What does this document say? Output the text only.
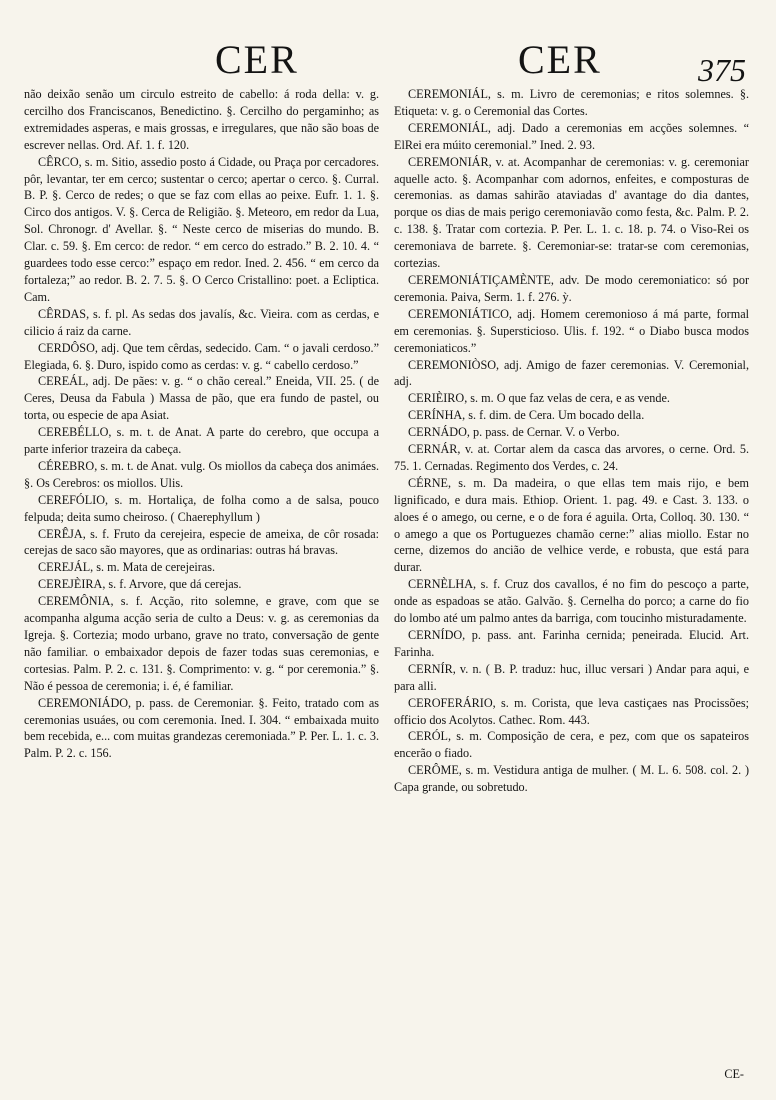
CER	CER	375

não deixão senão um circulo estreito de cabello: á roda della: v. g. cercilho dos Franciscanos, Benedictino. §. Cercilho do pergaminho; as extremidades asperas, e mais grossas, e irregulares, que não são boas de escrever nellas. Ord. Af. 1. f. 120.

CÊRCO, s. m. Sitio, assedio posto á Cidade, ou Praça por cercadores. pôr, levantar, ter em cerco; sustentar o cerco; apertar o cerco. §. Curral. B. P. §. Cerco de redes; o que se faz com ellas ao peixe. Eufr. 1. 1. §. Circo dos antigos. V. §. Cerca de Religião. §. Meteoro, em redor da Lua, Sol. Chronogr. d' Avellar. §. “ Neste cerco de miserias do mundo. B. Clar. c. 59. §. Em cerco: de redor. “ em cerco do estrado.” B. 2. 10. 4. “ guardees todo esse cerco:” espaço em redor. Ined. 2. 456. “ em cerco da fortaleza;” ao redor. B. 2. 7. 5. §. O Cerco Cristallino: poet. a Ecliptica. Cam.

CÊRDAS, s. f. pl. As sedas dos javalís, &c. Vieira. com as cerdas, e cilicio á raiz da carne.

CERDÔSO, adj. Que tem cêrdas, sedecido. Cam. “ o javali cerdoso.” Elegiada, 6. §. Duro, ispido como as cerdas: v. g. “ cabello cerdoso.”

CEREÁL, adj. De pães: v. g. “ o chão cereal.” Eneida, VII. 25. ( de Ceres, Deusa da Fabula ) Massa de pão, que era fundo de pastel, ou torta, ou especie de apa Asiat.

CEREBÉLLO, s. m. t. de Anat. A parte do cerebro, que occupa a parte inferior trazeira da cabeça.

CÉREBRO, s. m. t. de Anat. vulg. Os miollos da cabeça dos animáes. §. Os Cerebros: os miollos. Ulis.

CEREFÓLIO, s. m. Hortaliça, de folha como a de salsa, pouco felpuda; deita sumo cheiroso. ( Chaerephyllum )

CERÊJA, s. f. Fruto da cerejeira, especie de ameixa, de côr rosada: cerejas de saco são mayores, que as ordinarias: outras há bravas.

CEREJÁL, s. m. Mata de cerejeiras.

CEREJÈIRA, s. f. Arvore, que dá cerejas.

CEREMÔNIA, s. f. Acção, rito solemne, e grave, com que se acompanha alguma acção seria de culto a Deus: v. g. as ceremonias da Igreja. §. Cortezia; modo urbano, grave no trato, conversação de gente não familiar. o embaixador depois de fazer todas suas ceremonias, e cortesias. Palm. P. 2. c. 131. §. Comprimento: v. g. “ por ceremonia.” §. Não é pessoa de ceremonia; i. é, é familiar.

CEREMONIÁDO, p. pass. de Ceremoniar. §. Feito, tratado com as ceremonias usuáes, ou com ceremonia. Ined. I. 304. “ embaixada muito bem recebida, e... com muitas grandezas ceremoniada.” P. Per. L. 1. c. 3. Palm. P. 2. c. 156.

CEREMONIÁL, s. m. Livro de ceremonias; e ritos solemnes. §. Etiqueta: v. g. o Ceremonial das Cortes.

CEREMONIÁL, adj. Dado a ceremonias em acções solemnes. “ ElRei era múito ceremonial.” Ined. 2. 93.

CEREMONIÁR, v. at. Acompanhar de ceremonias: v. g. ceremoniar aquelle acto. §. Acompanhar com adornos, enfeites, e composturas de ceremonias. as damas sahirão ataviadas d' avantage do dia dantes, porque os dias de mais perigo ceremoniavão como festa, &c. Palm. P. 2. c. 138. §. Tratar com cortezia. P. Per. L. 1. c. 18. p. 74. o Viso-Rei os ceremoniava de barrete. §. Ceremoniar-se: tratar-se com ceremonias, cortezias.

CEREMONIÁTIÇAMÈNTE, adv. De modo ceremoniatico: só por ceremonia. Paiva, Serm. 1. f. 276. ỳ.

CEREMONIÁTICO, adj. Homem ceremonioso á má parte, formal em ceremonias. §. Supersticioso. Ulis. f. 192. “ o Diabo busca modos ceremoniaticos.”

CEREMONIÒSO, adj. Amigo de fazer ceremonias. V. Ceremonial, adj.

CERIÈIRO, s. m. O que faz velas de cera, e as vende.

CERÍNHA, s. f. dim. de Cera. Um bocado della.

CERNÁDO, p. pass. de Cernar. V. o Verbo.

CERNÁR, v. at. Cortar alem da casca das arvores, o cerne. Ord. 5. 75. 1. Cernadas. Regimento dos Verdes, c. 24.

CÉRNE, s. m. Da madeira, o que ellas tem mais rijo, e bem lignificado, e dura mais. Ethiop. Orient. 1. pag. 49. e Cast. 3. 133. o aloes é o amego, ou cerne, e o de fora é aguila. Orta, Colloq. 30. 130. “ o amego a que os Portuguezes chamão cerne:” alias miollo. Estar no cerne, dizemos do ancião de velhice verde, e robusta, que está para durar.

CERNÈLHA, s. f. Cruz dos cavallos, é no fim do pescoço a parte, onde as espadoas se atão. Galvão. §. Cernelha do porco; a carne do fio do lombo até um palmo antes da barriga, com toucinho misturadamente.

CERNÍDO, p. pass. ant. Farinha cernida; peneirada. Elucid. Art. Farinha.

CERNÍR, v. n. ( B. P. traduz: huc, illuc versari ) Andar para aqui, e para alli.

CEROFERÁRIO, s. m. Corista, que leva castiçaes nas Procissões; officio dos Acolytos. Cathec. Rom. 443.

CERÓL, s. m. Composição de cera, e pez, com que os sapateiros encerão o fiado.

CERÔME, s. m. Vestidura antiga de mulher. ( M. L. 6. 508. col. 2. ) Capa grande, ou sobretudo.

CE-
